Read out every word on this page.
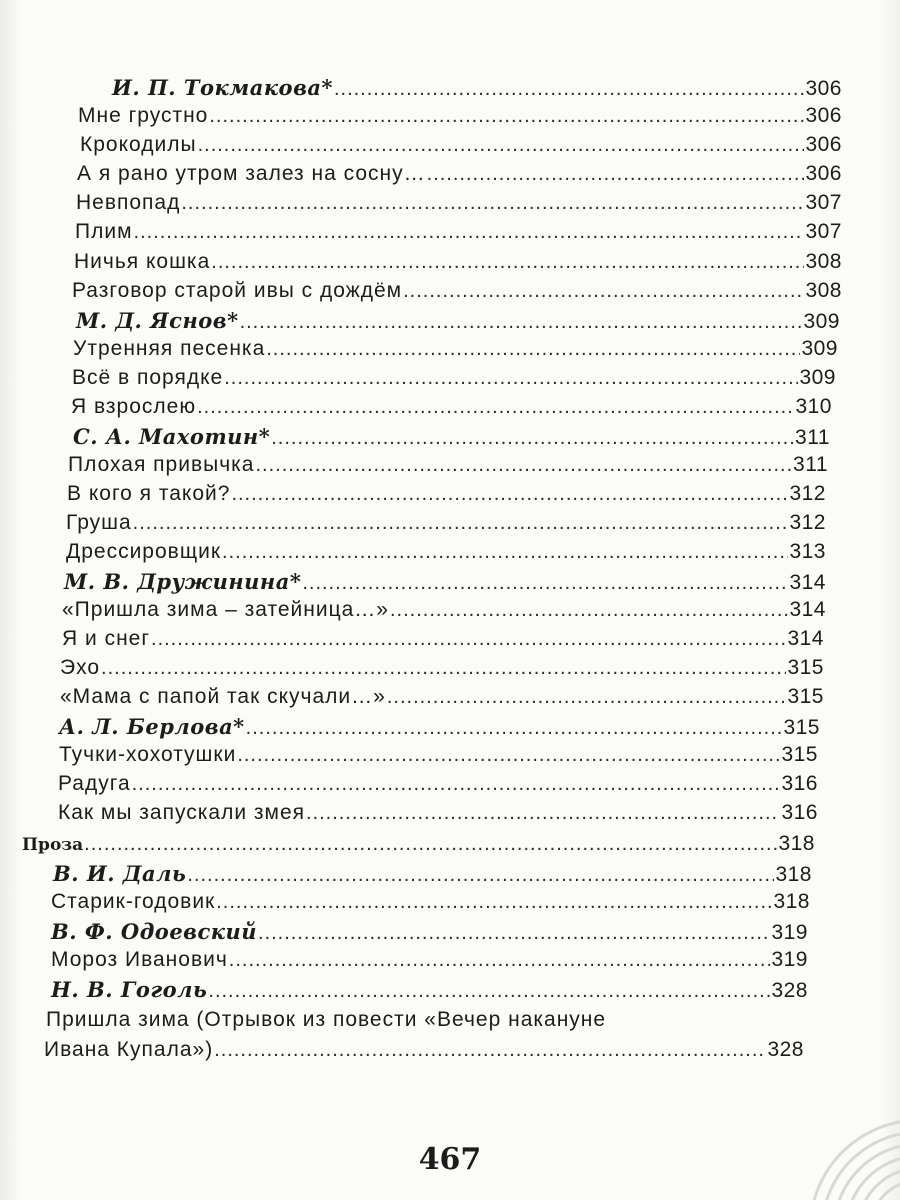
И. П. Токмакова* .....	306
Мне грустно .....	306
Крокодилы .....	306
А я рано утром залез на сосну… .....	306
Невпопад .....	307
Плим .....	307
Ничья кошка .....	308
Разговор старой ивы с дождём .....	308
М. Д. Яснов* .....	309
Утренняя песенка .....	309
Всё в порядке .....	309
Я взрослею .....	310
С. А. Махотин* .....	311
Плохая привычка .....	311
В кого я такой? .....	312
Груша .....	312
Дрессировщик .....	313
М. В. Дружинина* .....	314
«Пришла зима – затейница…» .....	314
Я и снег .....	314
Эхо .....	315
«Мама с папой так скучали…» .....	315
А. Л. Берлова* .....	315
Тучки-хохотушки .....	315
Радуга .....	316
Как мы запускали змея .....	316
Проза .....	318
В. И. Даль .....	318
Старик-годовик .....	318
В. Ф. Одоевский .....	319
Мороз Иванович .....	319
Н. В. Гоголь .....	328
Пришла зима (Отрывок из повести «Вечер накануне
Ивана Купала») .....	328
467
